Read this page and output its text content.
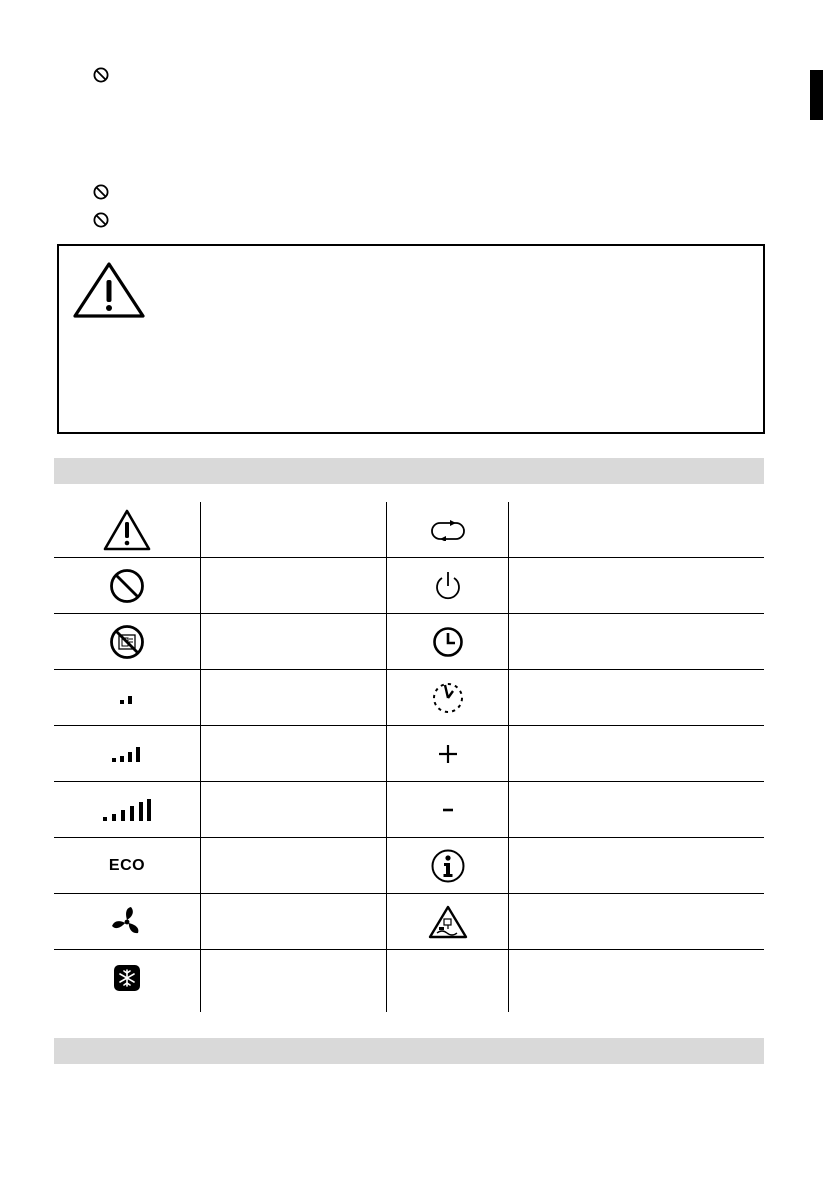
ECO
